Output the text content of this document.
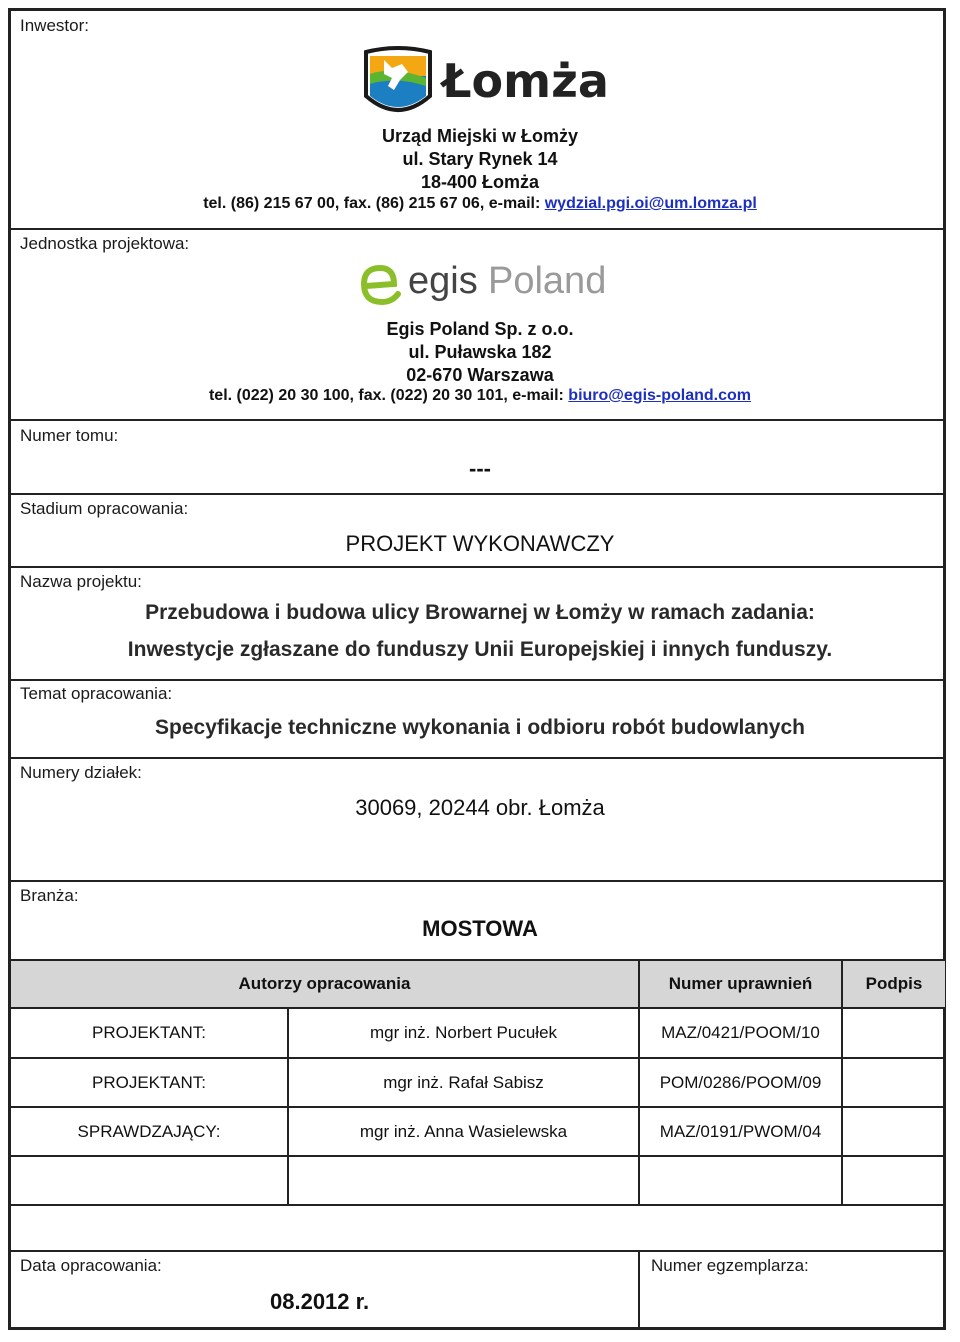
Inwestor:
Łomża
Urząd Miejski w Łomży
ul. Stary Rynek 14
18-400 Łomża
tel. (86) 215 67 00, fax. (86) 215 67 06, e-mail: wydzial.pgi.oi@um.lomza.pl
Jednostka projektowa:
egis Poland
Egis Poland Sp. z o.o.
ul. Puławska 182
02-670 Warszawa
tel. (022) 20 30 100, fax. (022) 20 30 101, e-mail: biuro@egis-poland.com
Numer tomu:
---
Stadium opracowania:
PROJEKT WYKONAWCZY
Nazwa projektu:
Przebudowa i budowa ulicy Browarnej w Łomży w ramach zadania:
Inwestycje zgłaszane do funduszy Unii Europejskiej i innych funduszy.
Temat opracowania:
Specyfikacje techniczne wykonania i odbioru robót budowlanych
Numery działek:
30069, 20244 obr. Łomża
Branża:
MOSTOWA
Autorzy opracowania	Numer uprawnień	Podpis
PROJEKTANT:	mgr inż. Norbert Pucułek	MAZ/0421/POOM/10
PROJEKTANT:	mgr inż. Rafał Sabisz	POM/0286/POOM/09
SPRAWDZAJĄCY:	mgr inż. Anna Wasielewska	MAZ/0191/PWOM/04
Data opracowania:
08.2012 r.
Numer egzemplarza:
